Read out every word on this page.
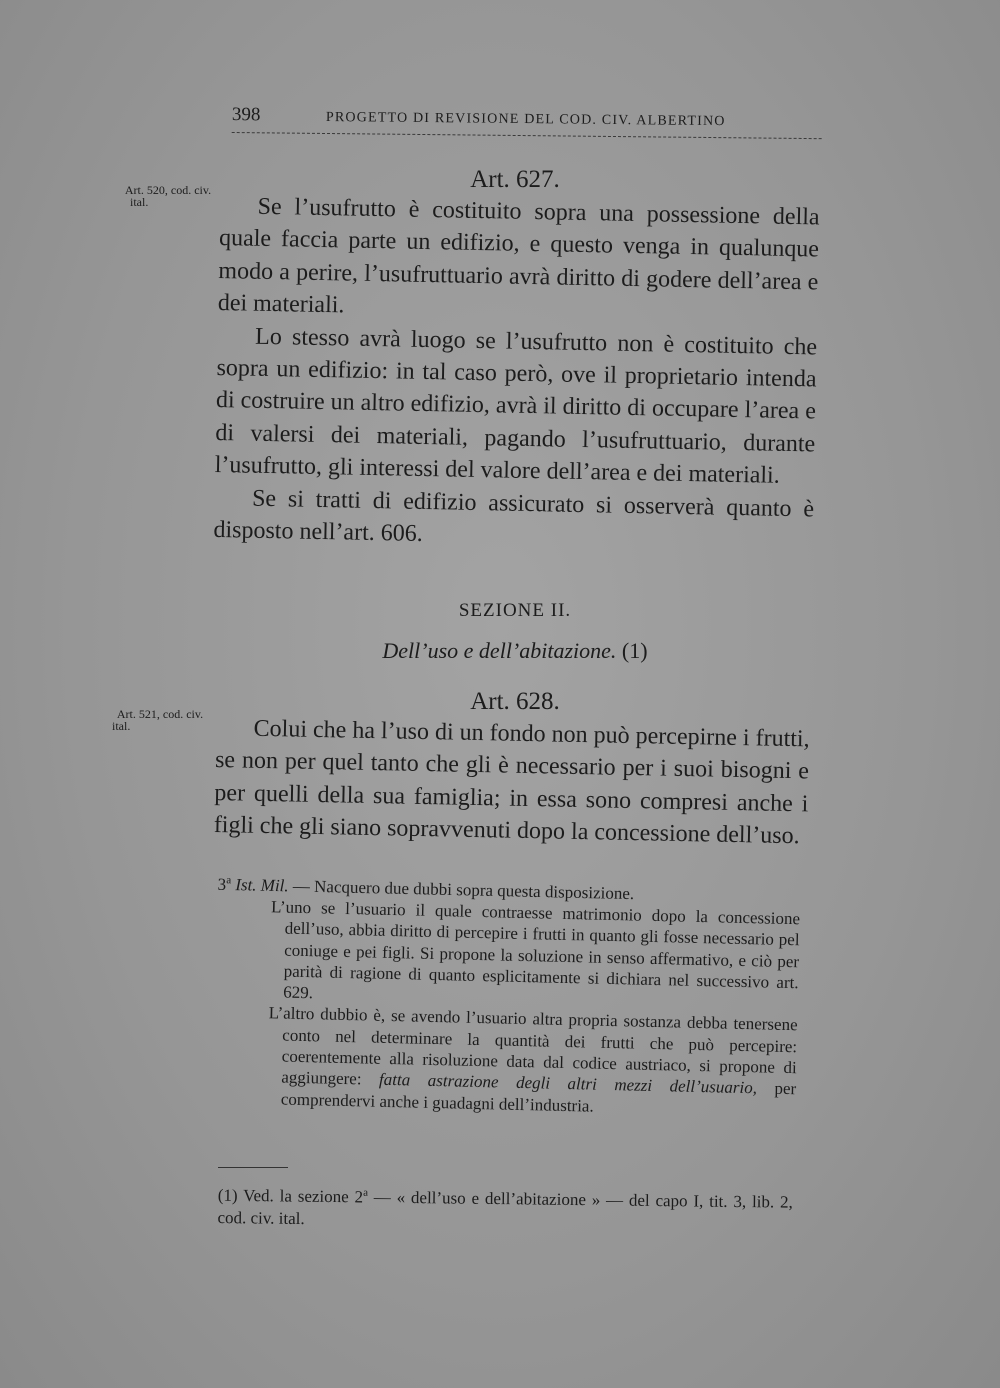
398	PROGETTO DI REVISIONE DEL COD. CIV. ALBERTINO
Art. 520, cod. civ.
ital.
Art. 627.

Se l’usufrutto è costituito sopra una possessione della quale faccia parte un edifizio, e questo venga in qualunque modo a perire, l’usufruttuario avrà diritto di godere dell’area e dei materiali.

Lo stesso avrà luogo se l’usufrutto non è costituito che sopra un edifizio: in tal caso però, ove il proprietario intenda di costruire un altro edifizio, avrà il diritto di occupare l’area e di valersi dei materiali, pagando l’usufruttuario, durante l’usufrutto, gli interessi del valore dell’area e dei materiali.

Se si tratti di edifizio assicurato si osserverà quanto è disposto nell’art. 606.

SEZIONE II.
Dell’uso e dell’abitazione. (1)
Art. 521, cod. civ.
ital.
Art. 628.

Colui che ha l’uso di un fondo non può percepirne i frutti, se non per quel tanto che gli è necessario per i suoi bisogni e per quelli della sua famiglia; in essa sono compresi anche i figli che gli siano sopravvenuti dopo la concessione dell’uso.

3$^a$ Ist. Mil. — Nacquero due dubbi sopra questa disposizione.

L’uno se l’usuario il quale contraesse matrimonio dopo la concessione dell’uso, abbia diritto di percepire i frutti in quanto gli fosse necessario pel coniuge e pei figli. Si propone la soluzione in senso affermativo, e ciò per parità di ragione di quanto esplicitamente si dichiara nel successivo art. 629.

L’altro dubbio è, se avendo l’usuario altra propria sostanza debba tenersene conto nel determinare la quantità dei frutti che può percepire: coerentemente alla risoluzione data dal codice austriaco, si propone di aggiungere: fatta astrazione degli altri mezzi dell’usuario, per comprendervi anche i guadagni dell’industria.

(1) Ved. la sezione 2$^a$ — « dell’uso e dell’abitazione » — del capo I, tit. 3, lib. 2, cod. civ. ital.
